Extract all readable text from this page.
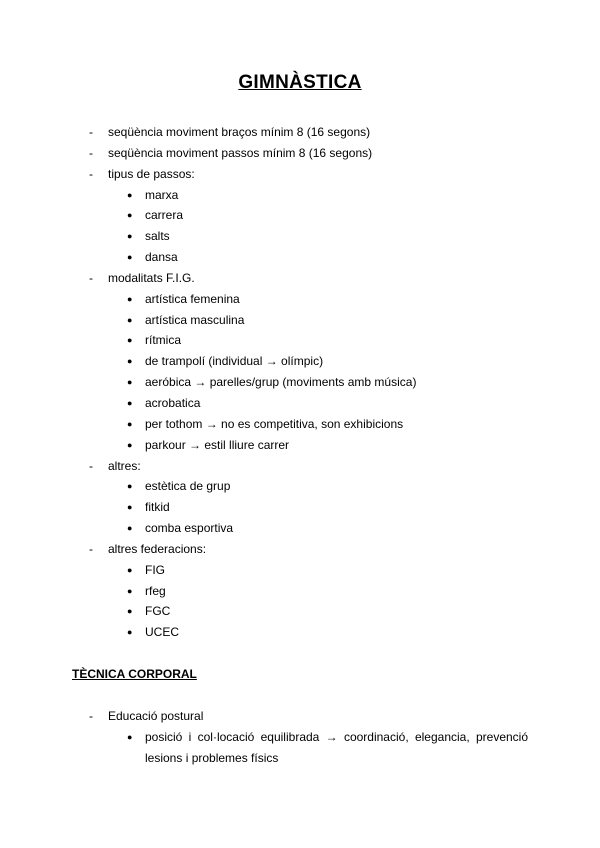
GIMNÀSTICA
- seqüència moviment braços mínim 8 (16 segons)
- seqüència moviment passos mínim 8 (16 segons)
- tipus de passos:
● marxa
● carrera
● salts
● dansa
- modalitats F.I.G.
● artística femenina
● artística masculina
● rítmica
● de trampolí (individual → olímpic)
● aeróbica → parelles/grup (moviments amb música)
● acrobatica
● per tothom → no es competitiva, son exhibicions
● parkour → estil lliure carrer
- altres:
● estètica de grup
● fitkid
● comba esportiva
- altres federacions:
● FIG
● rfeg
● FGC
● UCEC
TÈCNICA CORPORAL
- Educació postural
● posició i col·locació equilibrada → coordinació, elegancia, prevenció lesions i problemes físics
